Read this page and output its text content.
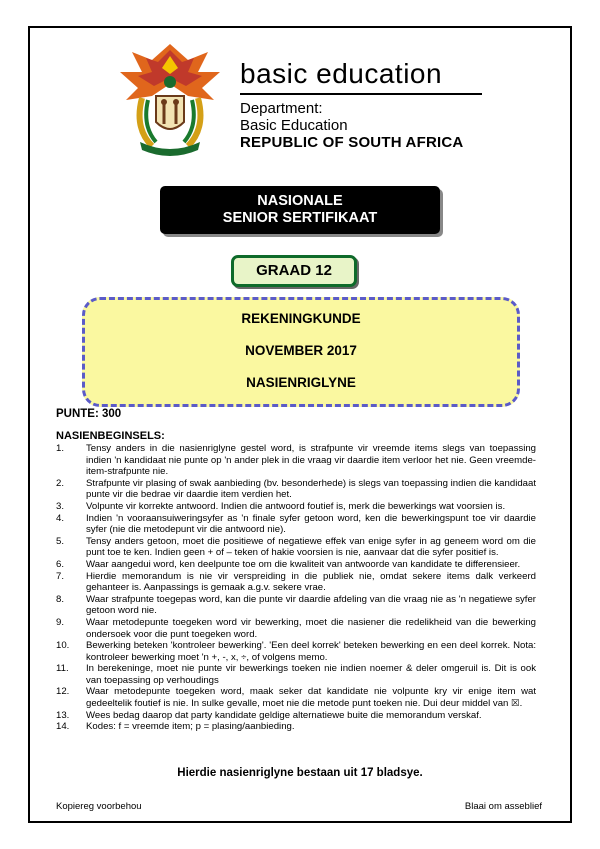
basic education
Department:
Basic Education
REPUBLIC OF SOUTH AFRICA
NASIONALE
SENIOR SERTIFIKAAT
GRAAD 12
REKENINGKUNDE
NOVEMBER 2017
NASIENRIGLYNE
PUNTE: 300
NASIENBEGINSELS:
1. Tensy anders in die nasienriglyne gestel word, is strafpunte vir vreemde items slegs van toepassing indien 'n kandidaat nie punte op 'n ander plek in die vraag vir daardie item verloor het nie. Geen vreemde-item-strafpunte nie.
2. Strafpunte vir plasing of swak aanbieding (bv. besonderhede) is slegs van toepassing indien die kandidaat punte vir die bedrae vir daardie item verdien het.
3. Volpunte vir korrekte antwoord. Indien die antwoord foutief is, merk die bewerkings wat voorsien is.
4. Indien 'n vooraansuiweringsyfer as 'n finale syfer getoon word, ken die bewerkingspunt toe vir daardie syfer (nie die metodepunt vir die antwoord nie).
5. Tensy anders getoon, moet die positiewe of negatiewe effek van enige syfer in ag geneem word om die punt toe te ken. Indien geen + of – teken of hakie voorsien is nie, aanvaar dat die syfer positief is.
6. Waar aangedui word, ken deelpunte toe om die kwaliteit van antwoorde van kandidate te differensieer.
7. Hierdie memorandum is nie vir verspreiding in die publiek nie, omdat sekere items dalk verkeerd gehanteer is. Aanpassings is gemaak a.g.v. sekere vrae.
8. Waar strafpunte toegepas word, kan die punte vir daardie afdeling van die vraag nie as 'n negatiewe syfer getoon word nie.
9. Waar metodepunte toegeken word vir bewerking, moet die nasiener die redelikheid van die bewerking ondersoek voor die punt toegeken word.
10. Bewerking beteken 'kontroleer bewerking'. 'Een deel korrek' beteken bewerking en een deel korrek. Nota: kontroleer bewerking moet 'n +, -, x, ÷, of volgens memo.
11. In berekeninge, moet nie punte vir bewerkings toeken nie indien noemer & deler omgeruil is. Dit is ook van toepassing op verhoudings
12. Waar metodepunte toegeken word, maak seker dat kandidate nie volpunte kry vir enige item wat gedeeltelik foutief is nie. In sulke gevalle, moet nie die metode punt toeken nie. Dui deur middel van ☒.
13. Wees bedag daarop dat party kandidate geldige alternatiewe buite die memorandum verskaf.
14. Kodes: f = vreemde item; p = plasing/aanbieding.
Hierdie nasienriglyne bestaan uit 17 bladsye.
Kopiereg voorbehou	Blaai om asseblief
